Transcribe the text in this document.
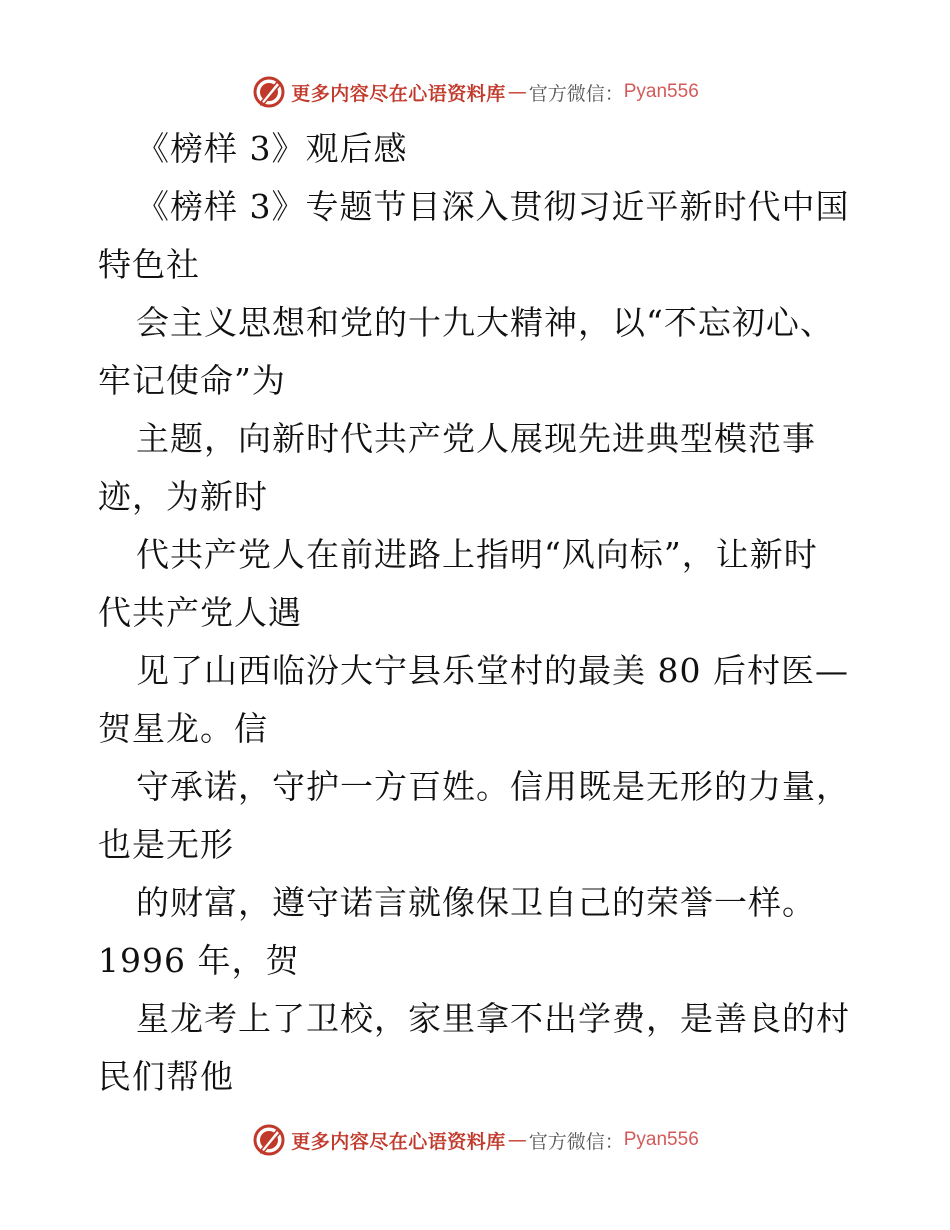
更多内容尽在心语资料库 — 官方微信： Pyan556
《榜样 3》观后感
《榜样 3》专题节目深入贯彻习近平新时代中国
特色社
会主义思想和党的十九大精神，以“不忘初心、
牢记使命”为
主题，向新时代共产党人展现先进典型模范事
迹，为新时
代共产党人在前进路上指明“风向标”，让新时
代共产党人遇
见了山西临汾大宁县乐堂村的最美 80 后村医—
贺星龙。信
守承诺，守护一方百姓。信用既是无形的力量，
也是无形
的财富，遵守诺言就像保卫自己的荣誉一样。
1996 年，贺
星龙考上了卫校，家里拿不出学费，是善良的村
民们帮他
更多内容尽在心语资料库 — 官方微信： Pyan556
